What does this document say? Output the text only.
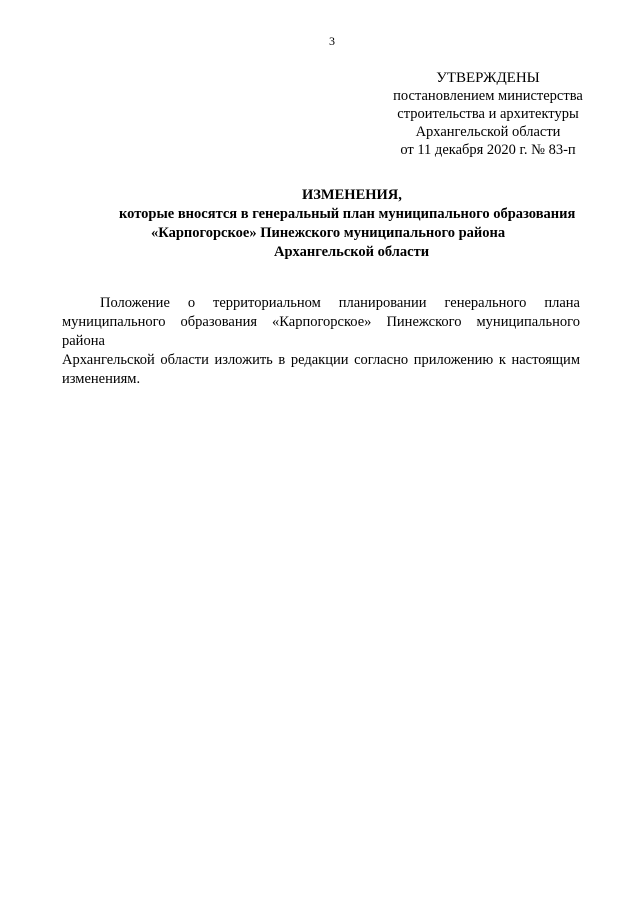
3
УТВЕРЖДЕНЫ
постановлением министерства
строительства и архитектуры
Архангельской области
от 11 декабря 2020 г. № 83-п
ИЗМЕНЕНИЯ,
которые вносятся в генеральный план муниципального образования
«Карпогорское» Пинежского муниципального района
Архангельской области
Положение о территориальном планировании генерального плана
муниципального образования «Карпогорское» Пинежского муниципального района
Архангельской области изложить в редакции согласно приложению к настоящим
изменениям.
